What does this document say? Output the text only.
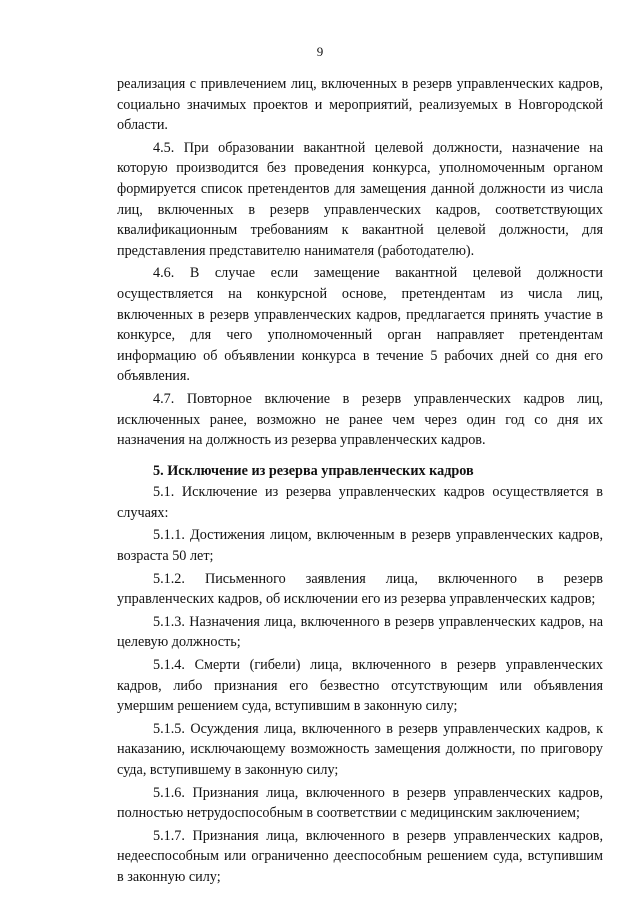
9

реализация с привлечением лиц, включенных в резерв управленческих кадров, социально значимых проектов и мероприятий, реализуемых в Новгородской области.

4.5. При образовании вакантной целевой должности, назначение на которую производится без проведения конкурса, уполномоченным органом формируется список претендентов для замещения данной должности из числа лиц, включенных в резерв управленческих кадров, соответствующих квалификационным требованиям к вакантной целевой должности, для представления представителю нанимателя (работодателю).

4.6. В случае если замещение вакантной целевой должности осуществляется на конкурсной основе, претендентам из числа лиц, включенных в резерв управленческих кадров, предлагается принять участие в конкурсе, для чего уполномоченный орган направляет претендентам информацию об объявлении конкурса в течение 5 рабочих дней со дня его объявления.

4.7. Повторное включение в резерв управленческих кадров лиц, исключенных ранее, возможно не ранее чем через один год со дня их назначения на должность из резерва управленческих кадров.

5. Исключение из резерва управленческих кадров

5.1. Исключение из резерва управленческих кадров осуществляется в случаях:

5.1.1. Достижения лицом, включенным в резерв управленческих кадров, возраста 50 лет;

5.1.2. Письменного заявления лица, включенного в резерв управленческих кадров, об исключении его из резерва управленческих кадров;

5.1.3. Назначения лица, включенного в резерв управленческих кадров, на целевую должность;

5.1.4. Смерти (гибели) лица, включенного в резерв управленческих кадров, либо признания его безвестно отсутствующим или объявления умершим решением суда, вступившим в законную силу;

5.1.5. Осуждения лица, включенного в резерв управленческих кадров, к наказанию, исключающему возможность замещения должности, по приговору суда, вступившему в законную силу;

5.1.6. Признания лица, включенного в резерв управленческих кадров, полностью нетрудоспособным в соответствии с медицинским заключением;

5.1.7. Признания лица, включенного в резерв управленческих кадров, недееспособным или ограниченно дееспособным решением суда, вступившим в законную силу;
